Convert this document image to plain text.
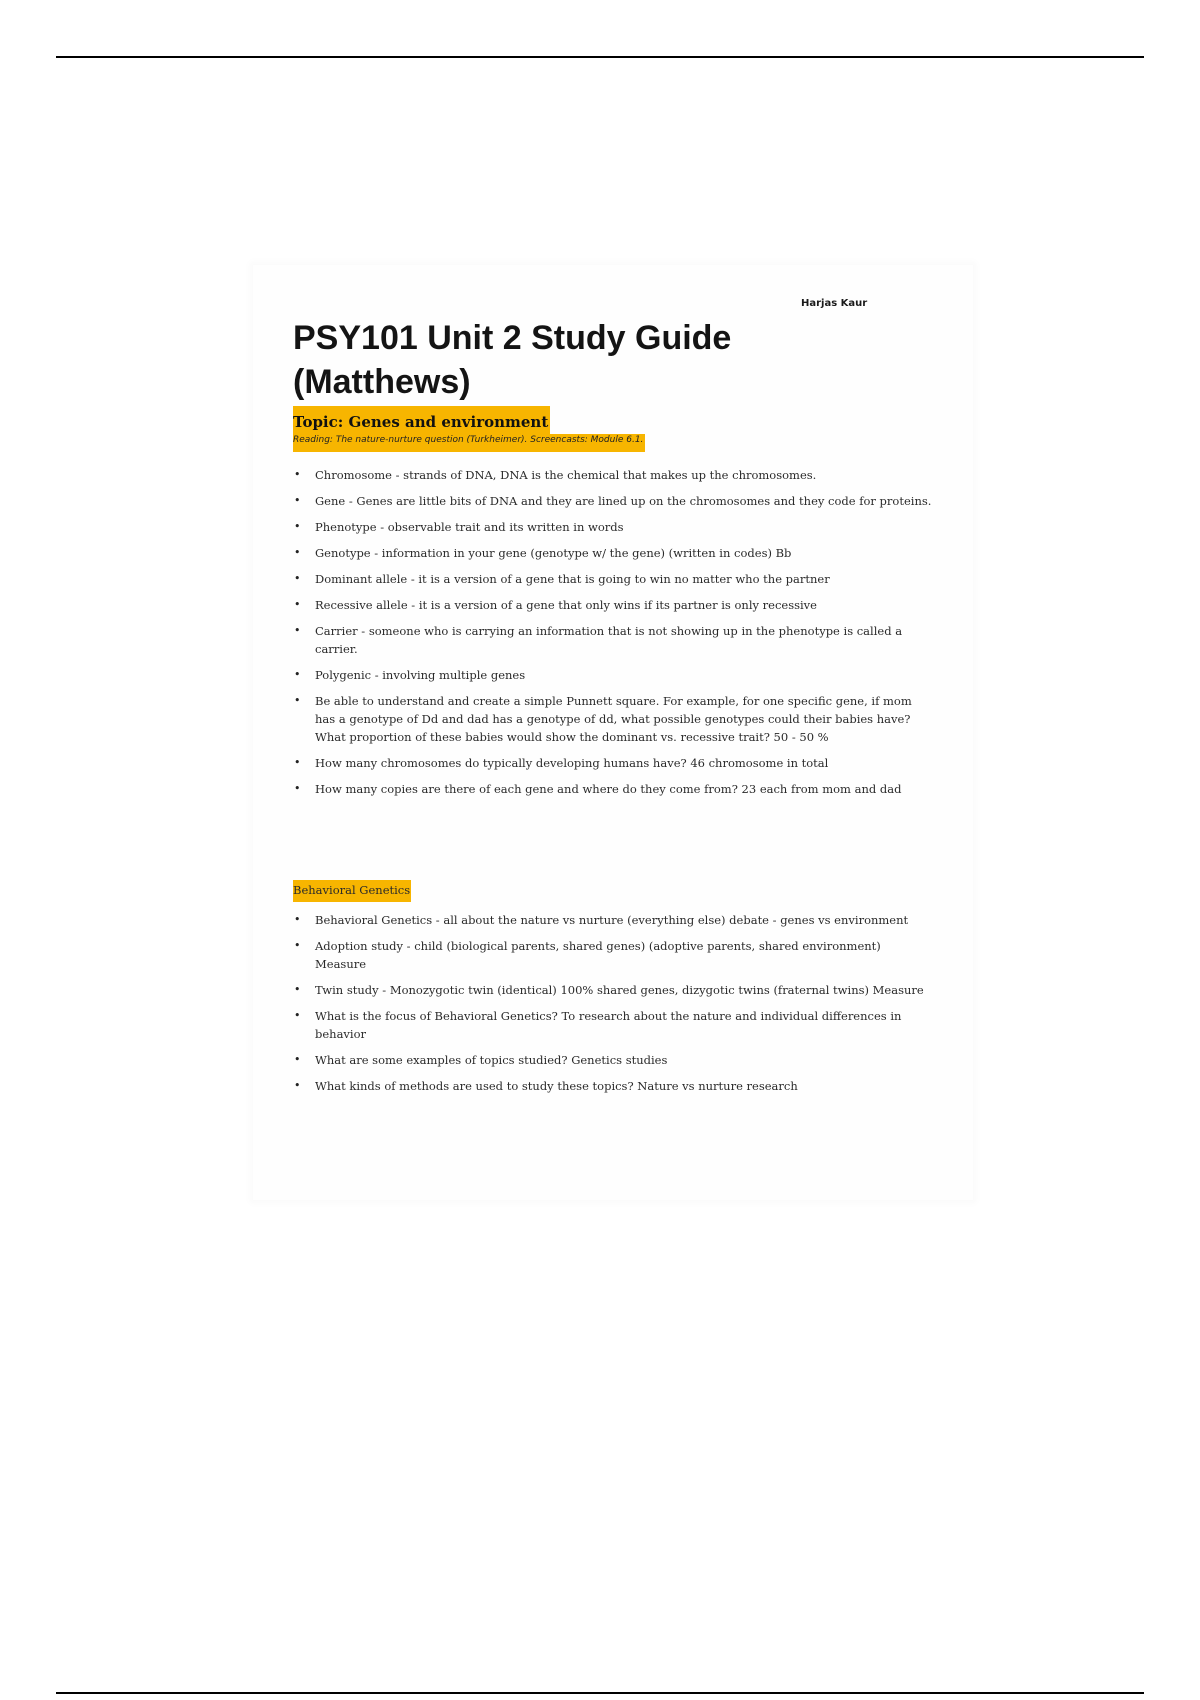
Harjas Kaur
PSY101 Unit 2 Study Guide (Matthews)
Topic: Genes and environment
Reading: The nature-nurture question (Turkheimer). Screencasts: Module 6.1.
• Chromosome - strands of DNA, DNA is the chemical that makes up the chromosomes.
• Gene - Genes are little bits of DNA and they are lined up on the chromosomes and they code for proteins.
• Phenotype - observable trait and its written in words
• Genotype - information in your gene (genotype w/ the gene) (written in codes) Bb
• Dominant allele - it is a version of a gene that is going to win no matter who the partner
• Recessive allele - it is a version of a gene that only wins if its partner is only recessive
• Carrier - someone who is carrying an information that is not showing up in the phenotype is called a carrier.
• Polygenic - involving multiple genes
• Be able to understand and create a simple Punnett square. For example, for one specific gene, if mom has a genotype of Dd and dad has a genotype of dd, what possible genotypes could their babies have? What proportion of these babies would show the dominant vs. recessive trait? 50 - 50 %
• How many chromosomes do typically developing humans have? 46 chromosome in total
• How many copies are there of each gene and where do they come from? 23 each from mom and dad
Behavioral Genetics
• Behavioral Genetics - all about the nature vs nurture (everything else) debate - genes vs environment
• Adoption study - child (biological parents, shared genes) (adoptive parents, shared environment) Measure
• Twin study - Monozygotic twin (identical) 100% shared genes, dizygotic twins (fraternal twins) Measure
• What is the focus of Behavioral Genetics? To research about the nature and individual differences in behavior
• What are some examples of topics studied? Genetics studies
• What kinds of methods are used to study these topics? Nature vs nurture research
